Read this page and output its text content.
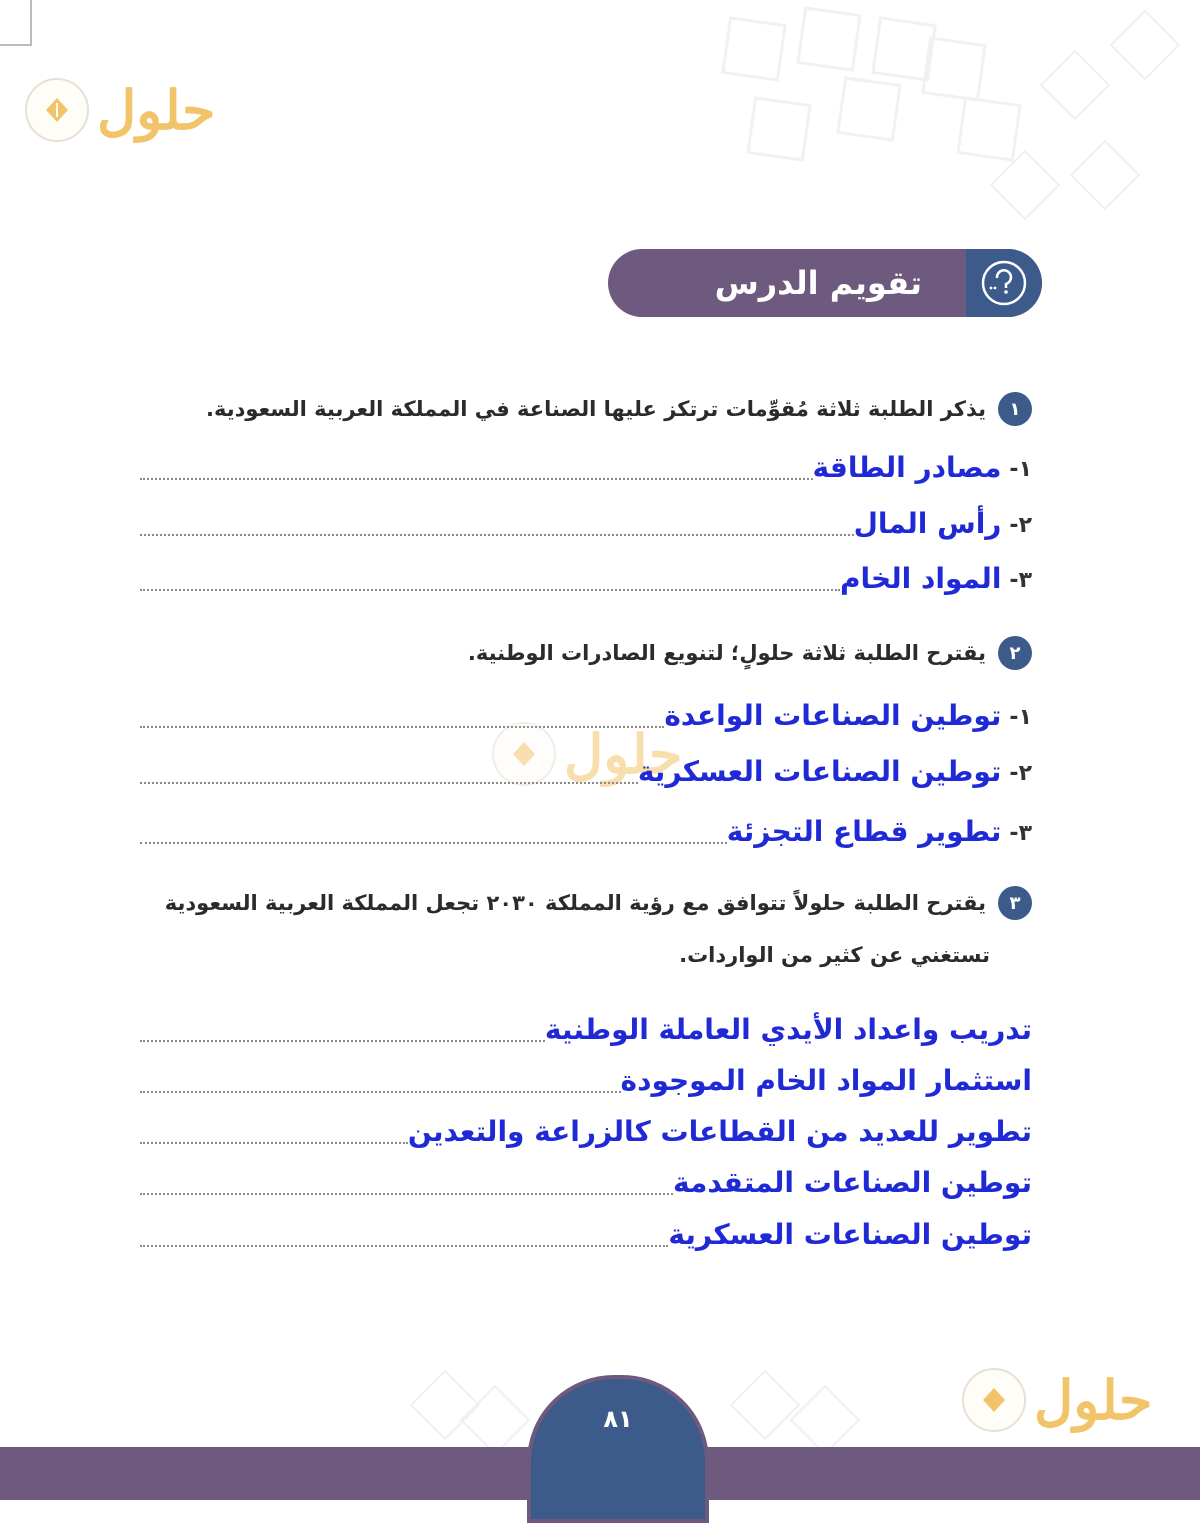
حلول
حلول
حلول
تقويم الدرس التاسع
١
يذكر الطلبة ثلاثة مُقوِّمات ترتكز عليها الصناعة في المملكة العربية السعودية.
١-
مصادر الطاقة
٢-
رأس المال
٣-
المواد الخام
٢
يقترح الطلبة ثلاثة حلولٍ؛ لتنويع الصادرات الوطنية.
١-
توطين الصناعات الواعدة
٢-
توطين الصناعات العسكرية
٣-
تطوير قطاع التجزئة
٣
يقترح الطلبة حلولاً تتوافق مع رؤية المملكة ٢٠٣٠ تجعل المملكة العربية السعودية
تستغني عن كثير من الواردات.
تدريب واعداد الأيدي العاملة الوطنية
استثمار المواد الخام الموجودة
تطوير للعديد من القطاعات كالزراعة والتعدين
توطين الصناعات المتقدمة
توطين الصناعات العسكرية
٨١
